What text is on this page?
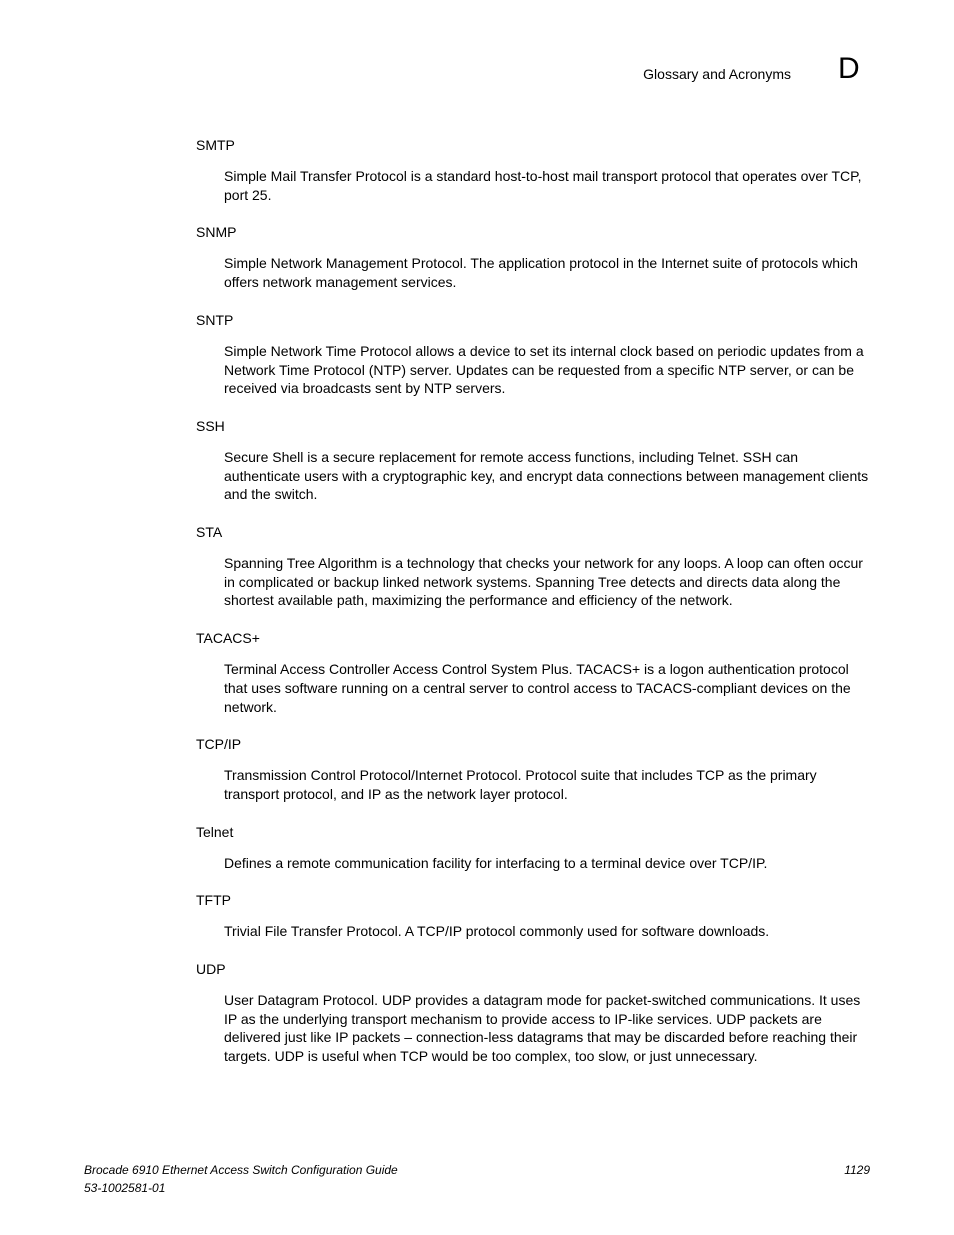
Glossary and Acronyms D

SMTP

Simple Mail Transfer Protocol is a standard host-to-host mail transport protocol that operates over TCP, port 25.

SNMP

Simple Network Management Protocol. The application protocol in the Internet suite of protocols which offers network management services.

SNTP

Simple Network Time Protocol allows a device to set its internal clock based on periodic updates from a Network Time Protocol (NTP) server. Updates can be requested from a specific NTP server, or can be received via broadcasts sent by NTP servers.

SSH

Secure Shell is a secure replacement for remote access functions, including Telnet. SSH can authenticate users with a cryptographic key, and encrypt data connections between management clients and the switch.

STA

Spanning Tree Algorithm is a technology that checks your network for any loops. A loop can often occur in complicated or backup linked network systems. Spanning Tree detects and directs data along the shortest available path, maximizing the performance and efficiency of the network.

TACACS+

Terminal Access Controller Access Control System Plus. TACACS+ is a logon authentication protocol that uses software running on a central server to control access to TACACS-compliant devices on the network.

TCP/IP

Transmission Control Protocol/Internet Protocol. Protocol suite that includes TCP as the primary transport protocol, and IP as the network layer protocol.

Telnet

Defines a remote communication facility for interfacing to a terminal device over TCP/IP.

TFTP

Trivial File Transfer Protocol. A TCP/IP protocol commonly used for software downloads.

UDP

User Datagram Protocol. UDP provides a datagram mode for packet-switched communications. It uses IP as the underlying transport mechanism to provide access to IP-like services. UDP packets are delivered just like IP packets – connection-less datagrams that may be discarded before reaching their targets. UDP is useful when TCP would be too complex, too slow, or just unnecessary.

Brocade 6910 Ethernet Access Switch Configuration Guide
53-1002581-01
1129
